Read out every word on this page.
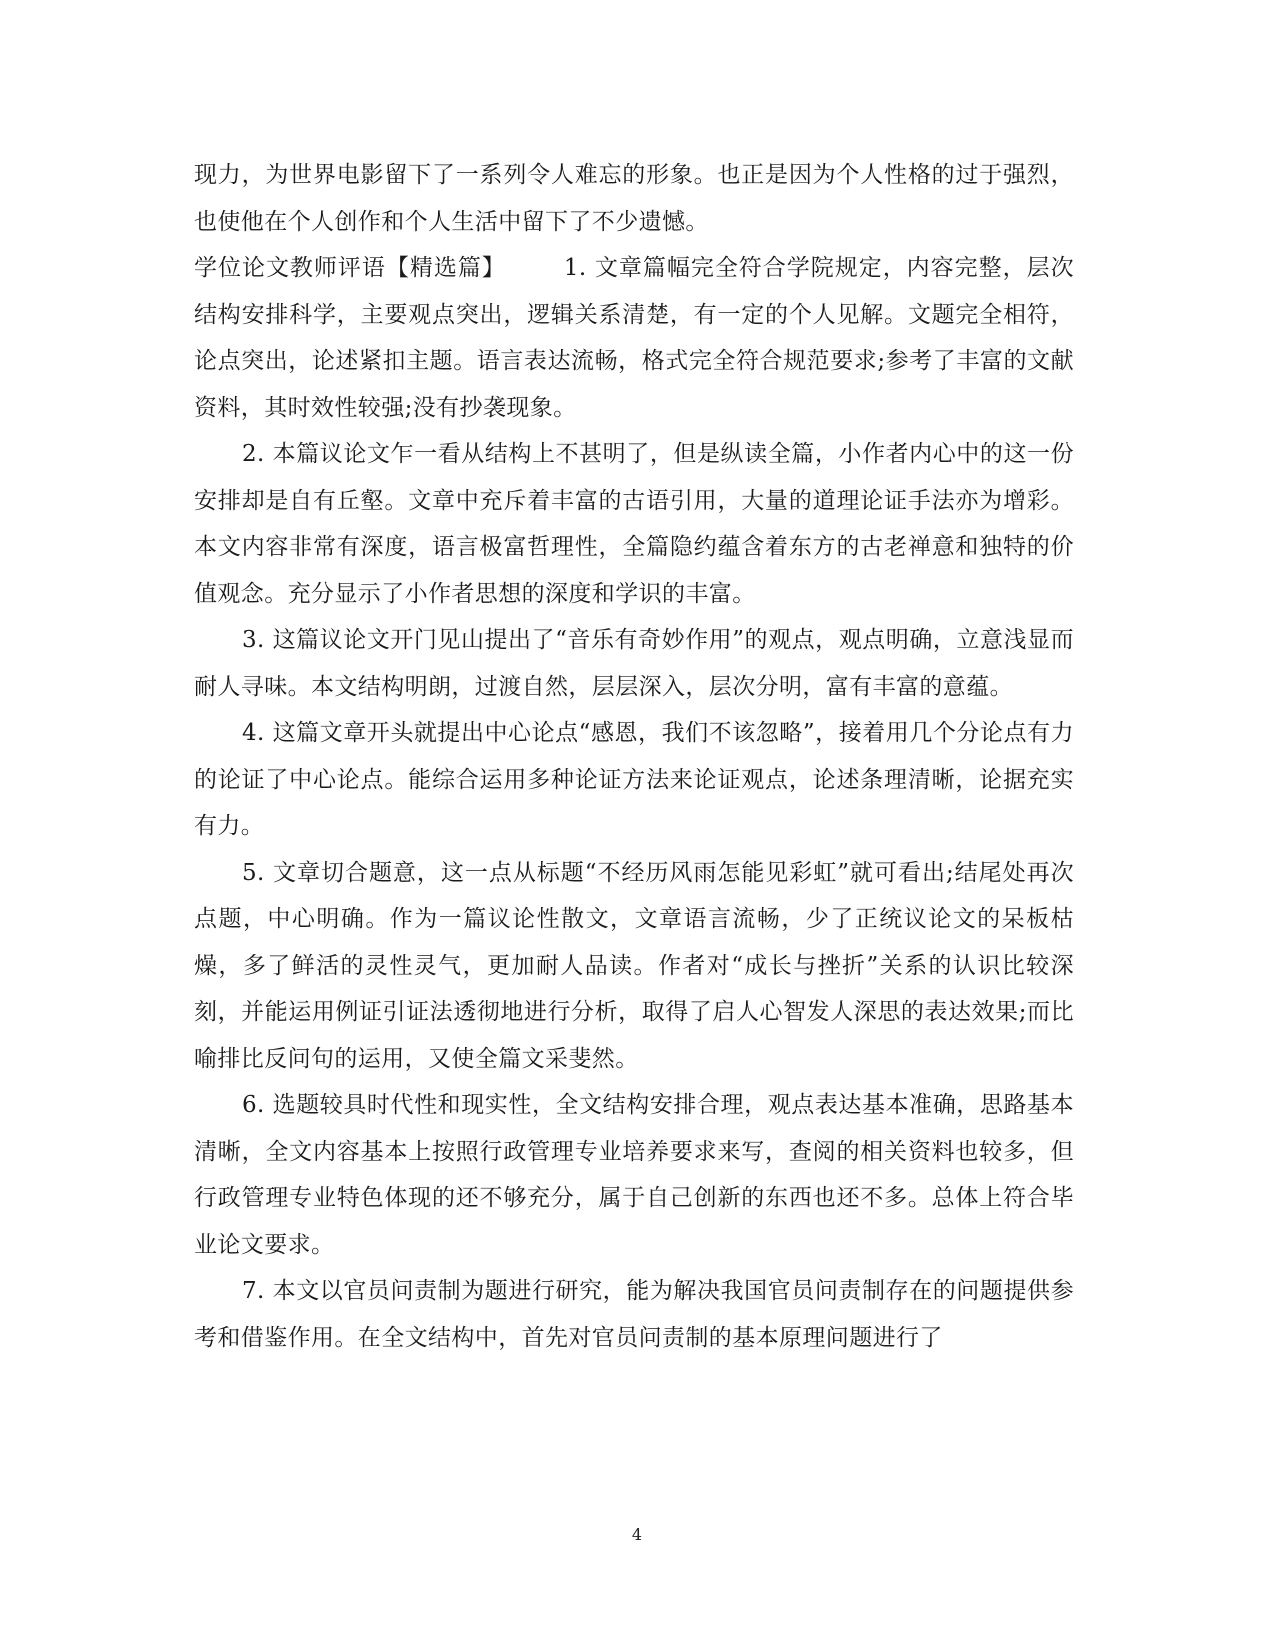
现力，为世界电影留下了一系列令人难忘的形象。也正是因为个人性格的过于强烈，也使他在个人创作和个人生活中留下了不少遗憾。

学位论文教师评语【精选篇】	1. 文章篇幅完全符合学院规定，内容完整，层次结构安排科学，主要观点突出，逻辑关系清楚，有一定的个人见解。文题完全相符，论点突出，论述紧扣主题。语言表达流畅，格式完全符合规范要求;参考了丰富的文献资料，其时效性较强;没有抄袭现象。

2. 本篇议论文乍一看从结构上不甚明了，但是纵读全篇，小作者内心中的这一份安排却是自有丘壑。文章中充斥着丰富的古语引用，大量的道理论证手法亦为增彩。本文内容非常有深度，语言极富哲理性，全篇隐约蕴含着东方的古老禅意和独特的价值观念。充分显示了小作者思想的深度和学识的丰富。

3. 这篇议论文开门见山提出了“音乐有奇妙作用”的观点，观点明确，立意浅显而耐人寻味。本文结构明朗，过渡自然，层层深入，层次分明，富有丰富的意蕴。

4. 这篇文章开头就提出中心论点“感恩，我们不该忽略”，接着用几个分论点有力的论证了中心论点。能综合运用多种论证方法来论证观点，论述条理清晰，论据充实有力。

5. 文章切合题意，这一点从标题“不经历风雨怎能见彩虹”就可看出;结尾处再次点题，中心明确。作为一篇议论性散文，文章语言流畅，少了正统议论文的呆板枯燥，多了鲜活的灵性灵气，更加耐人品读。作者对“成长与挫折”关系的认识比较深刻，并能运用例证引证法透彻地进行分析，取得了启人心智发人深思的表达效果;而比喻排比反问句的运用，又使全篇文采斐然。

6. 选题较具时代性和现实性，全文结构安排合理，观点表达基本准确，思路基本清晰，全文内容基本上按照行政管理专业培养要求来写，查阅的相关资料也较多，但行政管理专业特色体现的还不够充分，属于自己创新的东西也还不多。总体上符合毕业论文要求。

7. 本文以官员问责制为题进行研究，能为解决我国官员问责制存在的问题提供参考和借鉴作用。在全文结构中，首先对官员问责制的基本原理问题进行了

4
